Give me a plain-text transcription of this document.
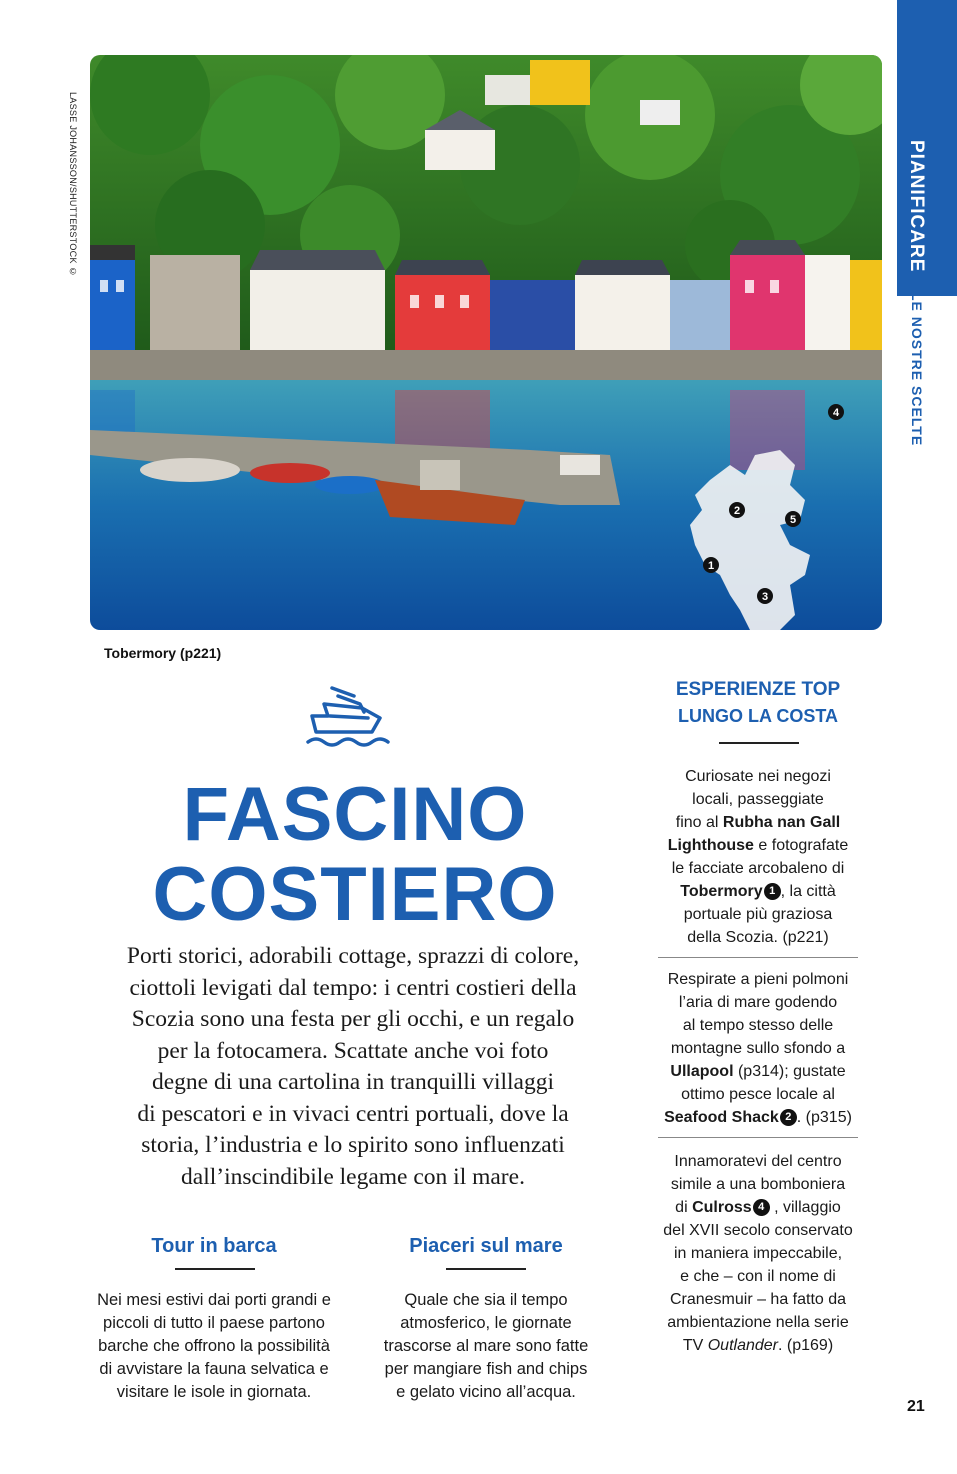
PIANIFICARE
LE NOSTRE SCELTE
LASSE JOHANSSON/SHUTTERSTOCK ©
1
2
3
4
5
Tobermory (p221)
FASCINO
COSTIERO
Porti storici, adorabili cottage, sprazzi di colore,
ciottoli levigati dal tempo: i centri costieri della
Scozia sono una festa per gli occhi, e un regalo
per la fotocamera. Scattate anche voi foto
degne di una cartolina in tranquilli villaggi
di pescatori e in vivaci centri portuali, dove la
storia, l’industria e lo spirito sono influenzati
dall’inscindibile legame con il mare.
Tour in barca
Nei mesi estivi dai porti grandi e
piccoli di tutto il paese partono
barche che offrono la possibilità
di avvistare la fauna selvatica e
visitare le isole in giornata.
Piaceri sul mare
Quale che sia il tempo
atmosferico, le giornate
trascorse al mare sono fatte
per mangiare fish and chips
e gelato vicino all’acqua.
ESPERIENZE TOP
LUNGO LA COSTA
Curiosate nei negozi
locali, passeggiate
fino al Rubha nan Gall
Lighthouse e fotografate
le facciate arcobaleno di
Tobermory 1 , la città
portuale più graziosa
della Scozia. (p221)
Respirate a pieni polmoni
l’aria di mare godendo
al tempo stesso delle
montagne sullo sfondo a
Ullapool (p314); gustate
ottimo pesce locale al
Seafood Shack 2 . (p315)
Innamoratevi del centro
simile a una bomboniera
di Culross 4 , villaggio
del XVII secolo conservato
in maniera impeccabile,
e che – con il nome di
Cranesmuir – ha fatto da
ambientazione nella serie
TV Outlander. (p169)
21
